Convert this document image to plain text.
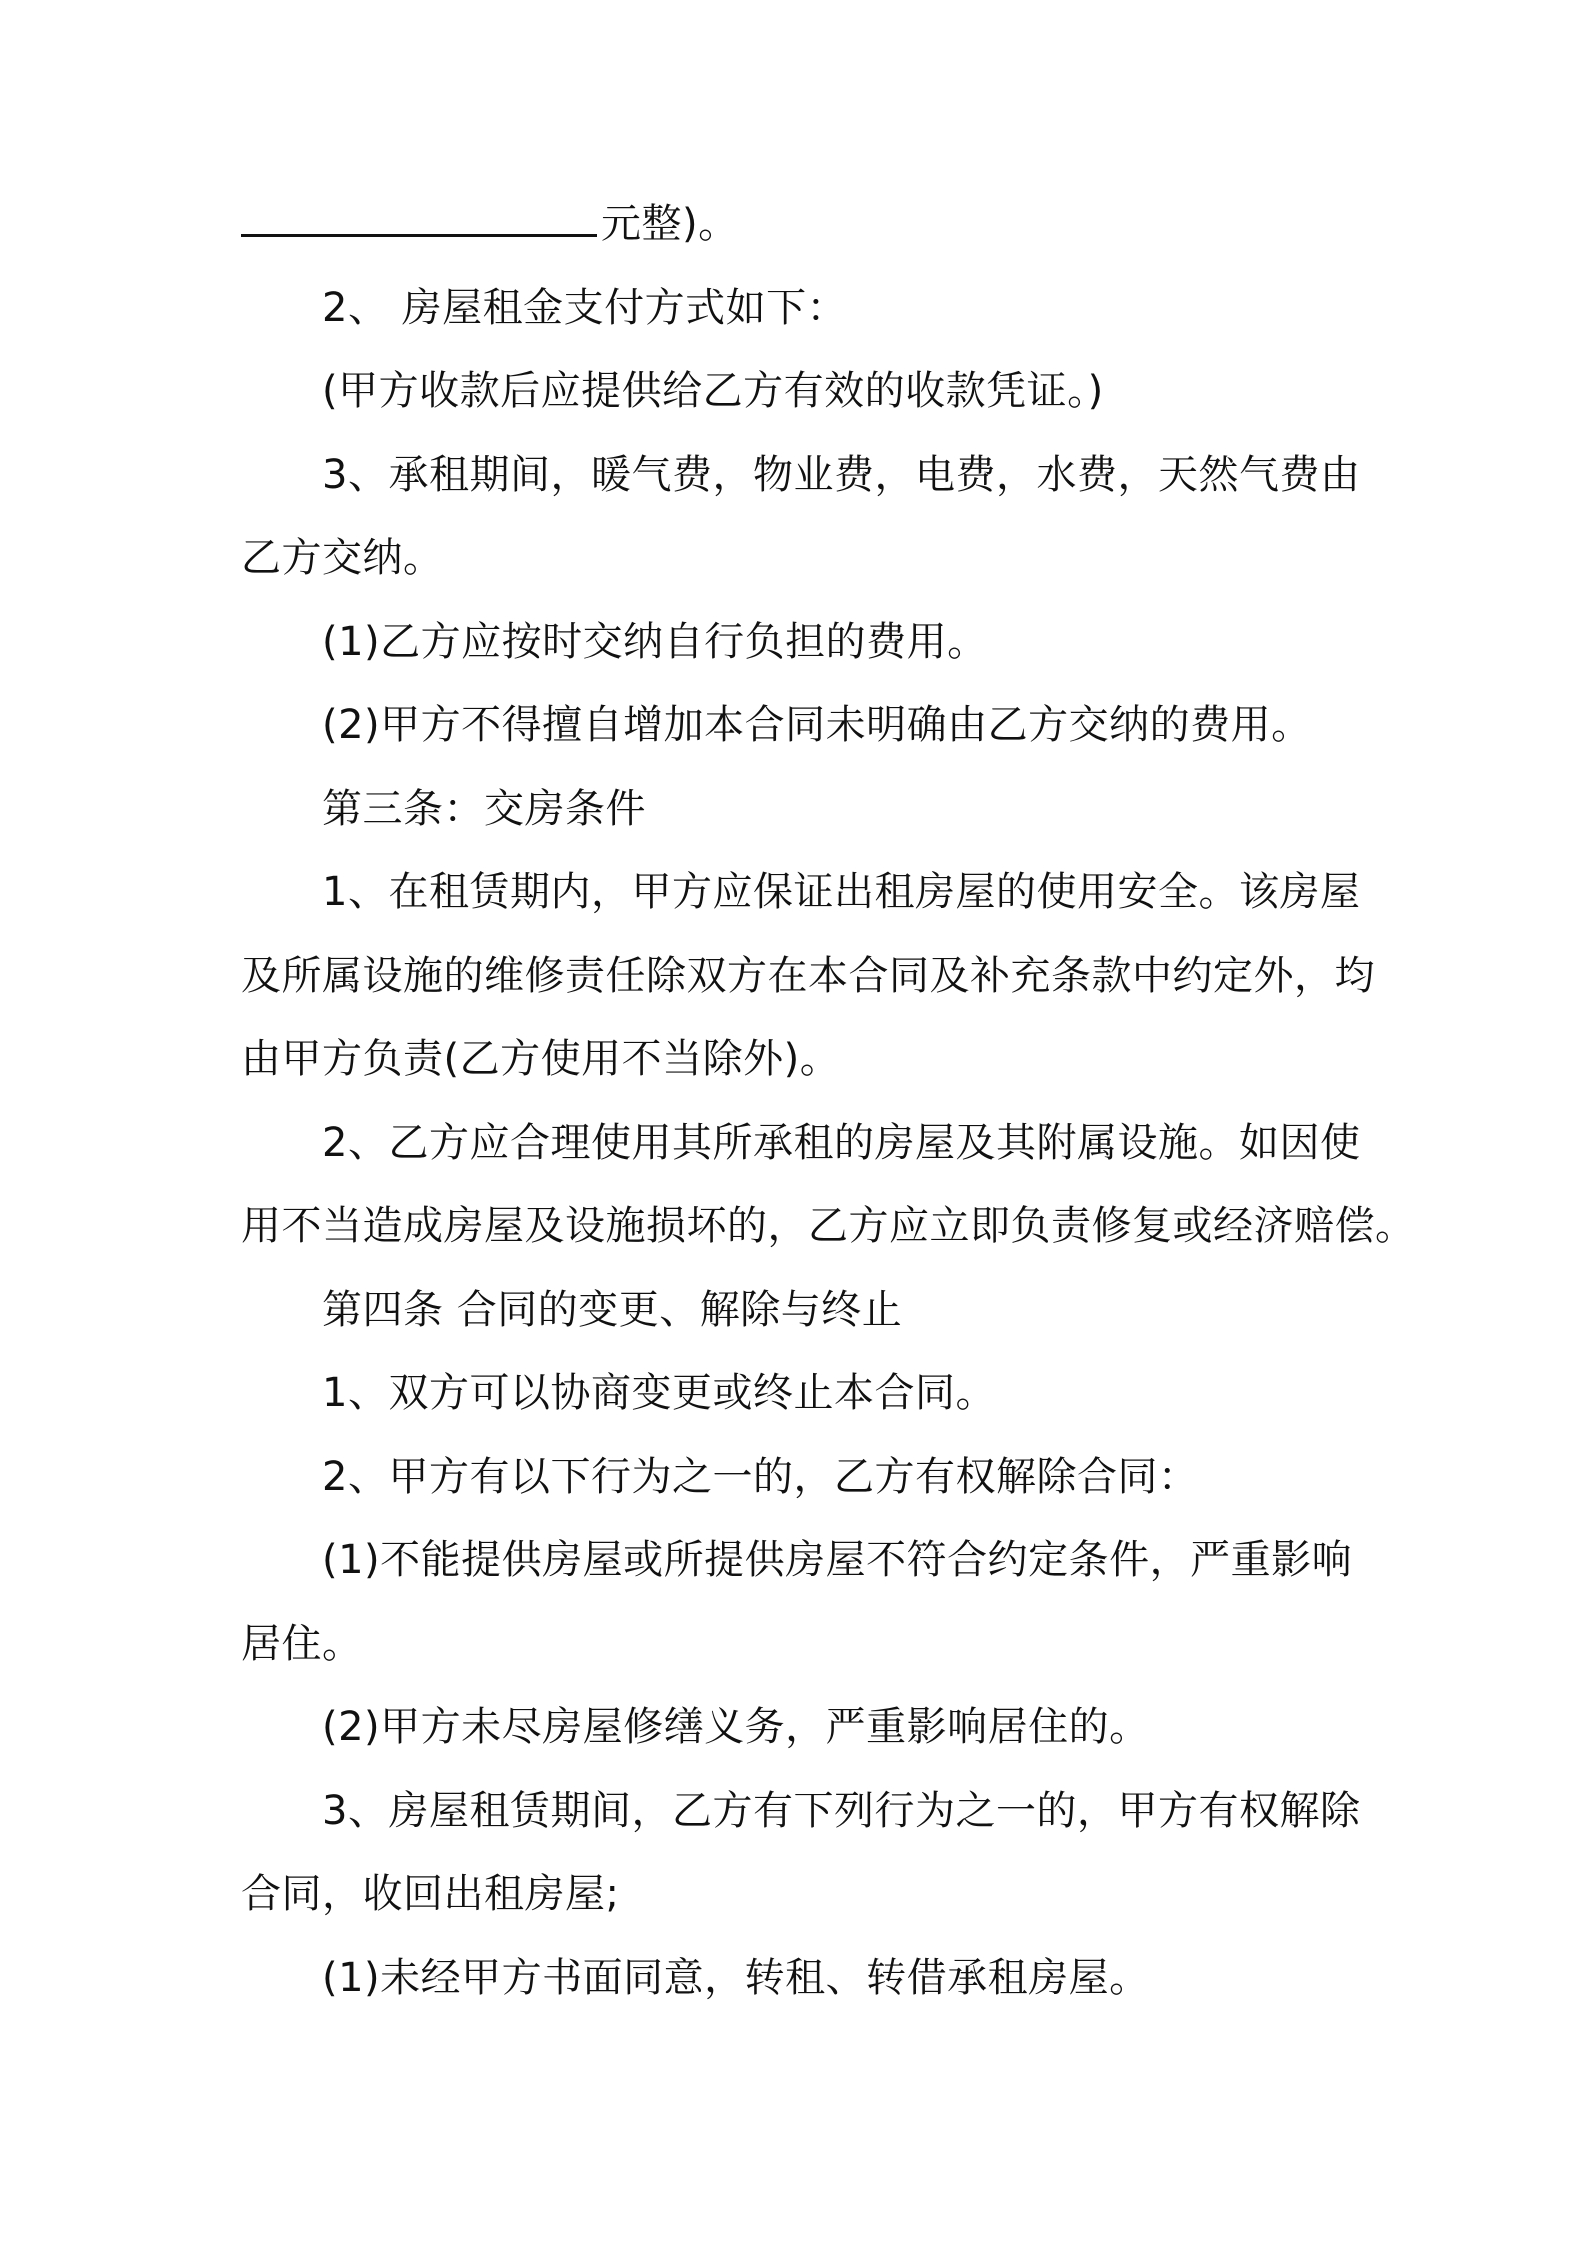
元整)。
2、 房屋租金支付方式如下：
(甲方收款后应提供给乙方有效的收款凭证。)
3、承租期间，暖气费，物业费，电费，水费，天然气费由
乙方交纳。
(1)乙方应按时交纳自行负担的费用。
(2)甲方不得擅自增加本合同未明确由乙方交纳的费用。
第三条：交房条件
1、在租赁期内，甲方应保证出租房屋的使用安全。该房屋
及所属设施的维修责任除双方在本合同及补充条款中约定外，均
由甲方负责(乙方使用不当除外)。
2、乙方应合理使用其所承租的房屋及其附属设施。如因使
用不当造成房屋及设施损坏的，乙方应立即负责修复或经济赔偿。
第四条 合同的变更、解除与终止
1、双方可以协商变更或终止本合同。
2、甲方有以下行为之一的，乙方有权解除合同：
(1)不能提供房屋或所提供房屋不符合约定条件，严重影响
居住。
(2)甲方未尽房屋修缮义务，严重影响居住的。
3、房屋租赁期间，乙方有下列行为之一的，甲方有权解除
合同，收回出租房屋;
(1)未经甲方书面同意，转租、转借承租房屋。
